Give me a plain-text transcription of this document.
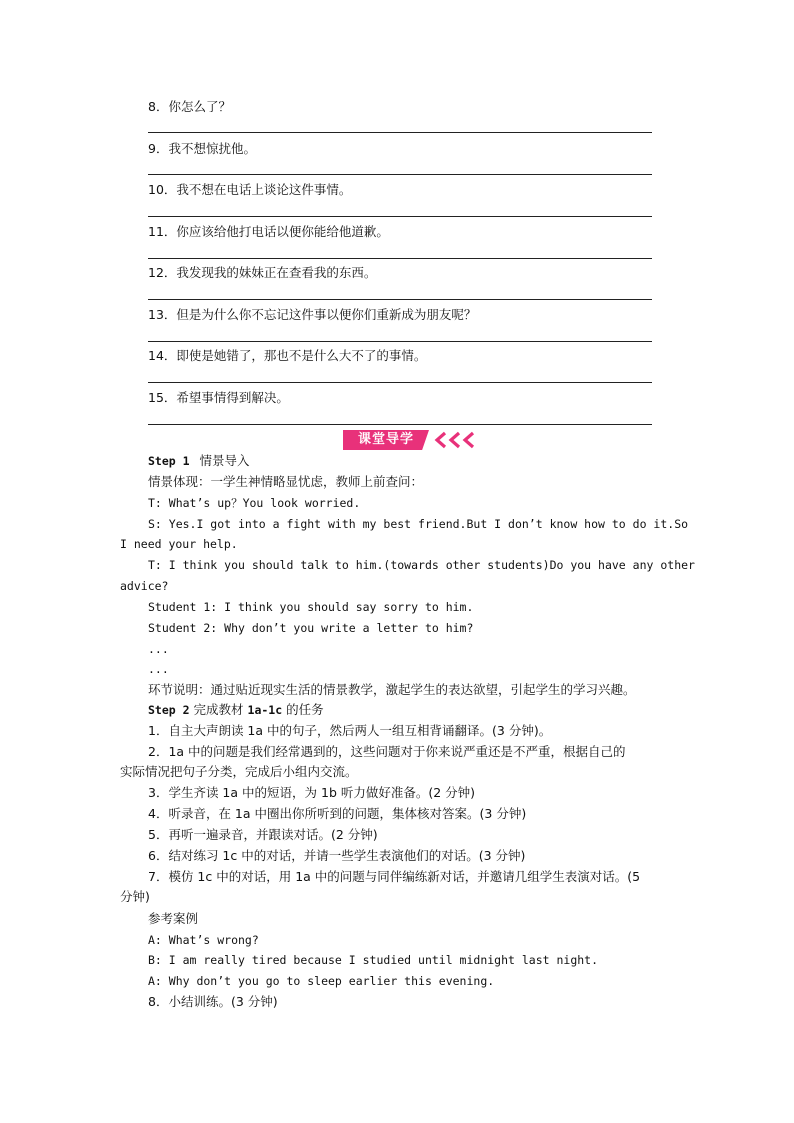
8．你怎么了？
9．我不想惊扰他。
10．我不想在电话上谈论这件事情。
11．你应该给他打电话以便你能给他道歉。
12．我发现我的妹妹正在查看我的东西。
13．但是为什么你不忘记这件事以便你们重新成为朋友呢？
14．即使是她错了，那也不是什么大不了的事情。
15．希望事情得到解决。
课堂导学
Step 1 情景导入
情景体现：一学生神情略显忧虑，教师上前查问：
T: What’s up？You look worried.
S: Yes.I got into a fight with my best friend.But I don’t know how to do it.So
I need your help.
T: I think you should talk to him.(towards other students)Do you have any other
advice?
Student 1: I think you should say sorry to him.
Student 2: Why don’t you write a letter to him?
...
...
环节说明：通过贴近现实生活的情景教学，激起学生的表达欲望，引起学生的学习兴趣。
Step 2 完成教材 1a-1c 的任务
1．自主大声朗读 1a 中的句子，然后两人一组互相背诵翻译。(3 分钟)。
2．1a 中的问题是我们经常遇到的，这些问题对于你来说严重还是不严重，根据自己的
实际情况把句子分类，完成后小组内交流。
3．学生齐读 1a 中的短语，为 1b 听力做好准备。(2 分钟)
4．听录音，在 1a 中圈出你所听到的问题，集体核对答案。(3 分钟)
5．再听一遍录音，并跟读对话。(2 分钟)
6．结对练习 1c 中的对话，并请一些学生表演他们的对话。(3 分钟)
7．模仿 1c 中的对话，用 1a 中的问题与同伴编练新对话，并邀请几组学生表演对话。(5
分钟)
参考案例
A: What’s wrong?
B: I am really tired because I studied until midnight last night.
A: Why don’t you go to sleep earlier this evening.
8．小结训练。(3 分钟)
